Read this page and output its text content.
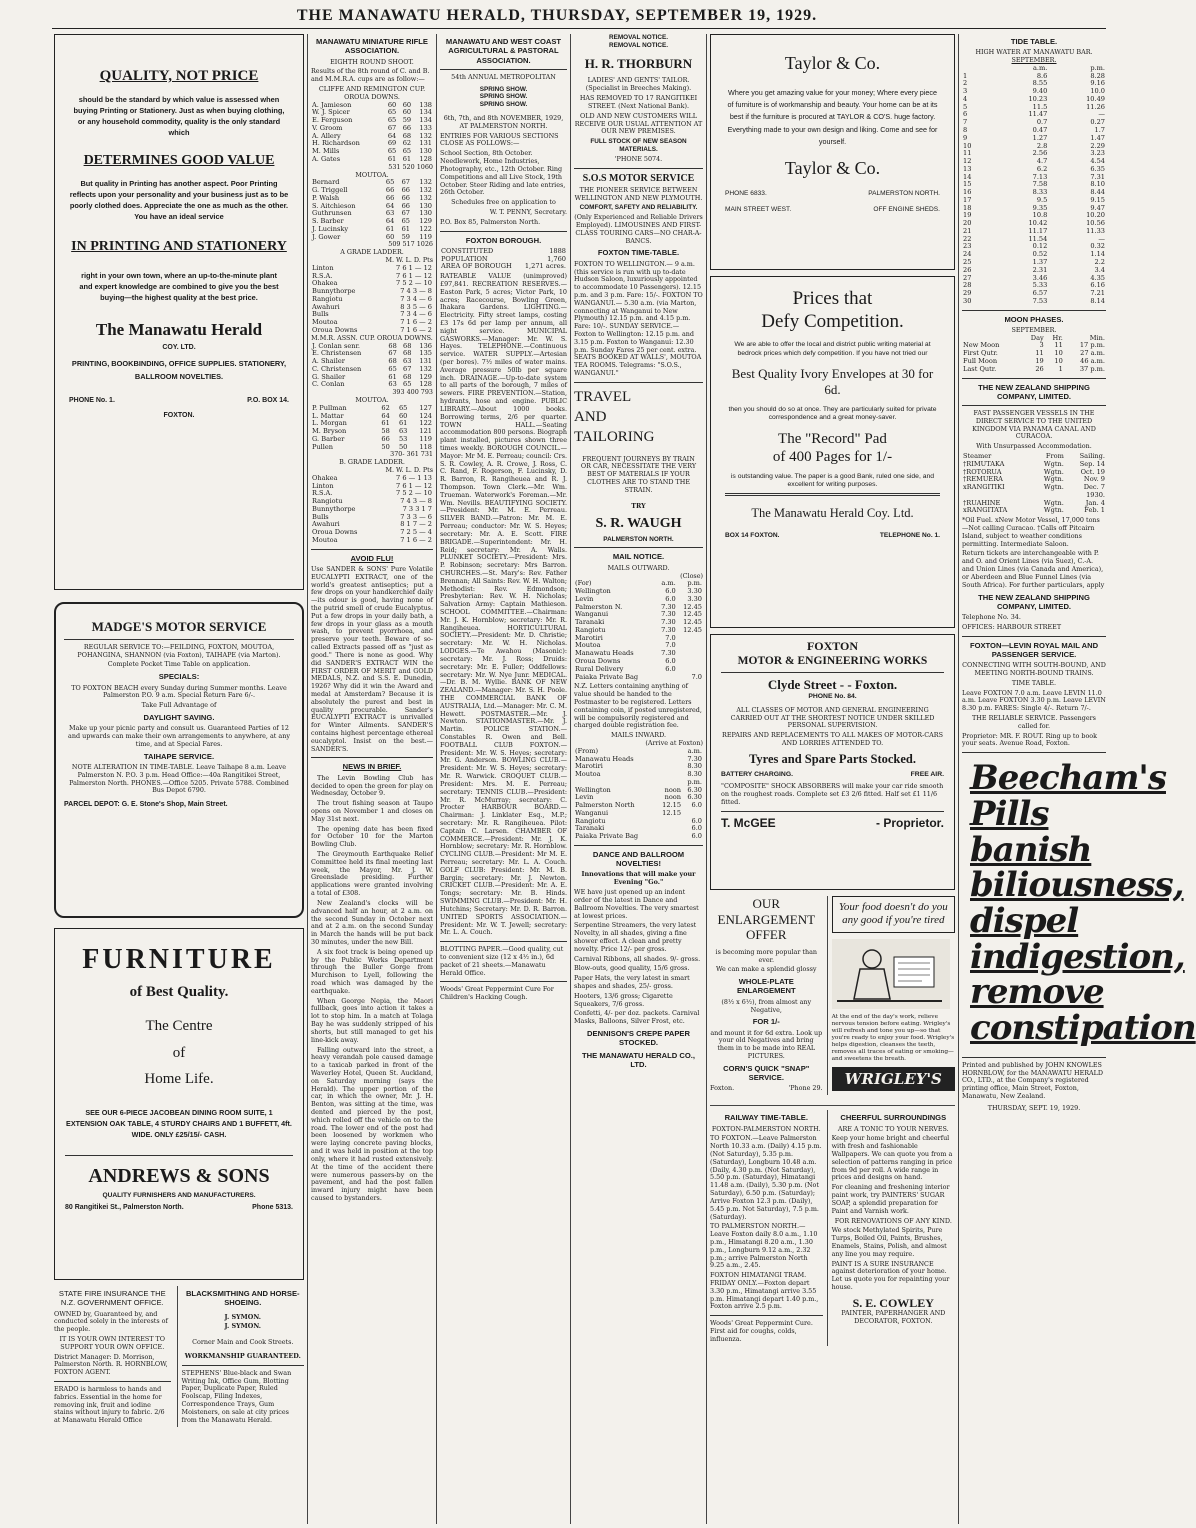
THE MANAWATU HERALD, THURSDAY, SEPTEMBER 19, 1929.
QUALITY, NOT PRICE

should be the standard by which value is assessed when buying Printing or Stationery. Just as when buying clothing, or any household commodity, quality is the only standard which

DETERMINES GOOD VALUE

But quality in Printing has another aspect. Poor Printing reflects upon your personality and your business just as to be poorly clothed does. Appreciate the one as much as the other. You have an ideal service

IN PRINTING AND STATIONERY

right in your own town, where an up-to-the-minute plant and expert knowledge are combined to give you the best buying—the highest quality at the best price.

The Manawatu Herald
COY. LTD.

PRINTING, BOOKBINDING, OFFICE SUPPLIES. STATIONERY, BALLROOM NOVELTIES.

PHONE No. 1.	P.O. BOX 14.
FOXTON.
MADGE'S MOTOR SERVICE

REGULAR SERVICE TO:—FEILDING, FOXTON, MOUTOA, POHANGINA, SHANNON (via Foxton), TAIHAPE (via Marton).

Complete Pocket Time Table on application.

SPECIALS:

TO FOXTON BEACH every Sunday during Summer months. Leave Palmerston P.O. 9 a.m. Special Return Fare 6/-.

Take Full Advantage of

DAYLIGHT SAVING.

Make up your picnic party and consult us. Guaranteed Parties of 12 and upwards can make their own arrangements to anywhere, at any time, and at Special Fares.

TAIHAPE SERVICE.

NOTE ALTERATION IN TIME-TABLE. Leave Taihape 8 a.m. Leave Palmerston N. P.O. 3 p.m. Head Office:—40a Rangitikei Street, Palmerston North. PHONES.—Office 5205. Private 5788. Combined Bus Depot 6790.

PARCEL DEPOT: G. E. Stone's Shop, Main Street.
FURNITURE
of Best Quality.
The Centre
of
Home Life.

SEE OUR 6-PIECE JACOBEAN DINING ROOM SUITE, 1 EXTENSION OAK TABLE, 4 STURDY CHAIRS AND 1 BUFFETT, 4ft. WIDE. ONLY £25/15/- CASH.

ANDREWS & SONS
QUALITY FURNISHERS AND MANUFACTURERS.
80 Rangitikei St., Palmerston North.	Phone 5313.
STATE FIRE INSURANCE THE N.Z. GOVERNMENT OFFICE.

OWNED by, Guaranteed by, and conducted solely in the interests of the people.

IT IS YOUR OWN INTEREST TO SUPPORT YOUR OWN OFFICE.

District Manager: D. Morrison, Palmerston North. R. HORNBLOW, FOXTON AGENT.

ERADO is harmless to hands and fabrics. Essential in the home for removing ink, fruit and iodine stains without injury to fabric. 2/6 at Manawatu Herald Office

BLACKSMITHING AND HORSE-SHOEING.

J. SYMON.

J. SYMON.

Corner Main and Cook Streets.

WORKMANSHIP GUARANTEED.

STEPHENS' Blue-black and Swan Writing Ink, Office Gum, Blotting Paper, Duplicate Paper, Ruled Foolscap, Filing Indexes, Correspondence Trays, Gum Moisteners, on sale at city prices from the Manawatu Herald.

MANAWATU MINIATURE RIFLE ASSOCIATION.
EIGHTH ROUND SHOOT.

Results of the 8th round of C. and B. and M.M.R.A. cups are as follow:—

CLIFFE AND REMINGTON CUP. OROUA DOWNS.
A. Jamieson	60	60	138
W. J. Spicer	65	60	134
E. Ferguson	65	59	134
V. Groom	67	66	133
A. Allery	64	68	132
H. Richardson	69	62	131
M. Mills	65	65	130
A. Gates	61	61	128
531 520 1060
MOUTOA.
Bernard	65	67	132
G. Triggell	66	66	132
P. Walsh	66	66	132
S. Aitchieson	64	66	130
Guthrunsen	63	67	130
S. Barber	64	65	129
J. Lucinsky	61	61	122
J. Gower	60	59	119
509 517 1026
A GRADE LADDER.
M. W. L. D. Pts
Linton	7 6 1 — 12
R.S.A.	7 6 1 — 12
Ohakea	7 5 2 — 10
Bunnythorpe	7 4 3 — 8
Rangiotu	7 3 4 — 6
Awahuri	8 3 5 — 6
Bulls	7 3 4 — 6
Moutoa	7 1 6 — 2
Oroua Downs	7 1 6 — 2
M.M.R. ASSN. CUP. OROUA DOWNS.
J. Conlan senr.	68	68	136
E. Christensen	67	68	135
A. Shailer	68	63	131
C. Christensen	65	67	132
G. Shailer	61	68	129
C. Conlan	63	65	128
393 400 793
MOUTOA.
P. Pullman	62	65	127
L. Mattar	64	60	124
L. Morgan	61	61	122
M. Bryson	58	63	121
G. Barber	66	53	119
Pullen	50	50	118
370- 361 731
B. GRADE LADDER.
M. W. L. D. Pts
Ohakea	7 6 — 1 13
Linton	7 6 1 — 12
R.S.A.	7 5 2 — 10
Rangiotu	7 4 3 — 8
Bunnythorpe	7 3 3 1 7
Bulls	7 3 3 — 6
Awahuri	8 1 7 — 2
Oroua Downs	7 2 5 — 4
Moutoa	7 1 6 — 2
AVOID FLU!

Use SANDER & SONS' Pure Volatile EUCALYPTI EXTRACT, one of the world's greatest antiseptics; put a few drops on your handkerchief daily—its odour is good, having none of the putrid smell of crude Eucalyptus. Put a few drops in your daily bath, a few drops in your glass as a mouth wash, to prevent pyorrhoea, and preserve your teeth. Beware of so-called Extracts passed off as "just as good." There is none as good. Why did SANDER'S EXTRACT WIN the FIRST ORDER OF MERIT and GOLD MEDALS, N.Z. and S.S. E. Dunedin, 1926? Why did it win the Award and medal at Amsterdam? Because it is absolutely the purest and best in quality procurable. Sander's EUCALYPTI EXTRACT is unrivalled for Winter Ailments. SANDER'S contains highest percentage ethereal eucalyptol. Insist on the best.—SANDER'S.

NEWS IN BRIEF.

The Levin Bowling Club has decided to open the green for play on Wednesday, October 9.

The trout fishing season at Taupo opens on November 1 and closes on May 31st next.

The opening date has been fixed for October 10 for the Marton Bowling Club.

The Greymouth Earthquake Relief Committee held its final meeting last week, the Mayor, Mr. J. W. Greenslade presiding. Further applications were granted involving a total of £308.

New Zealand's clocks will be advanced half an hour, at 2 a.m. on the second Sunday in October next and at 2 a.m. on the second Sunday in March the hands will be put back 30 minutes, under the new Bill.

A six foot track is being opened up by the Public Works Department through the Buller Gorge from Murchison to Lyell, following the road which was damaged by the earthquake.

When George Nepia, the Maori fullback, goes into action it takes a lot to stop him. In a match at Tolaga Bay he was suddenly stripped of his shorts, but still managed to get his line-kick away.

Falling outward into the street, a heavy verandah pole caused damage to a taxicab parked in front of the Waverley Hotel, Queen St. Auckland, on Saturday morning (says the Herald). The upper portion of the car, in which the owner, Mr. J. H. Benton, was sitting at the time, was dented and pierced by the post, which rolled off the vehicle on to the road. The lower end of the post had been loosened by workmen who were laying concrete paving blocks, and it was held in position at the top only, where it had rusted extensively. At the time of the accident there were numerous passers-by on the pavement, and had the post fallen inward injury might have been caused to bystanders.

MANAWATU AND WEST COAST AGRICULTURAL & PASTORAL ASSOCIATION.

54th ANNUAL METROPOLITAN

SPRING SHOW.
SPRING SHOW.
SPRING SHOW.

6th, 7th, and 8th NOVEMBER, 1929, AT PALMERSTON NORTH.

ENTRIES FOR VARIOUS SECTIONS CLOSE AS FOLLOWS:—

School Section, 8th October. Needlework, Home Industries, Photography, etc., 12th October. Ring Competitions and all Live Stock, 19th October. Steer Riding and late entries, 26th October.

Schedules free on application to

W. T. PENNY, Secretary.

P.O. Box 85, Palmerston North.

FOXTON BOROUGH.
CONSTITUTED	1888
POPULATION	1,760
AREA OF BOROUGH	1,271 acres.

RATEABLE VALUE (unimproved) £97,841. RECREATION RESERVES.—Easton Park, 5 acres; Victor Park, 10 acres; Racecourse, Bowling Green, Ihakara Gardens. LIGHTING.—Electricity. Fifty street lamps, costing £3 17s 6d per lamp per annum, all night service. MUNICIPAL GASWORKS.—Manager: Mr. W. S. Hayes. TELEPHONE.—Continuous service. WATER SUPPLY.—Artesian (per bores). 7½ miles of water mains. Average pressure 50lb per square inch. DRAINAGE.—Up-to-date system to all parts of the borough, 7 miles of sewers. FIRE PREVENTION.—Station, hydrants, hose and engine. PUBLIC LIBRARY.—About 1000 books. Borrowing terms, 2/6 per quarter. TOWN HALL.—Seating accommodation 800 persons. Biograph plant installed, pictures shown three times weekly. BOROUGH COUNCIL.—Mayor: Mr M. E. Perreau; council: Crs. S. R. Cowley, A. R. Crowe, J. Ross, C. C. Rand, F. Rogerson, F. Lucinsky, D. R. Barron, R. Rangiheuea and R. J. Thompson. Town Clerk.—Mr. Wm. Trueman. Waterwork's Foreman.—Mr. Wm. Nevills. BEAUTIFYING SOCIETY.—President: Mr. M. E. Perreau. SILVER BAND.—Patron: Mr. M. E. Perreau; conductor: Mr. W. S. Heyes; secretary: Mr. A. E. Scott. FIRE BRIGADE.—Superintendent: Mr. H. Reid; secretary: Mr. A. Walls. PLUNKET SOCIETY.—President: Mrs. P. Robinson; secretary: Mrs Barron. CHURCHES.—St. Mary's: Rev. Father Brennan; All Saints: Rev. W. H. Walton; Methodist: Rev. Edmondson; Presbyterian: Rev. W. H. Nicholas; Salvation Army: Captain Mathieson. SCHOOL COMMITTEE.—Chairman: Mr. J. K. Hornblow; secretary: Mr. R. Rangiheuea. HORTICULTURAL SOCIETY.—President: Mr. D. Christie; secretary: Mr. W. H. Nicholas. LODGES.—Te Awahou (Masonic): secretary: Mr. J. Ross; Druids: secretary: Mr. E. Fuller; Oddfellows: secretary: Mr. W. Nye Junr. MEDICAL.—Dr. B. M. Wyllie. BANK OF NEW ZEALAND.—Manager: Mr. S. H. Poole. THE COMMERCIAL BANK OF AUSTRALIA, Ltd.—Manager: Mr. C. M. Hewett. POSTMASTER.—Mr. J. Newton. STATIONMASTER.—Mr. J. Martin. POLICE STATION.—Constables R. Owen and Bell. FOOTBALL CLUB FOXTON.—President: Mr. W. S. Heyes; secretary: Mr. G. Anderson. BOWLING CLUB.—President: Mr. W. S. Heyes; secretary: Mr. R. Warwick. CROQUET CLUB.—President: Mrs. M. E. Perreau; secretary: TENNIS CLUB.—President: Mr. R. McMurray; secretary: C. Procter HARBOUR BOARD.—Chairman: J. Linklater Esq., M.P.; secretary: Mr. R. Rangiheuea. Pilot: Captain C. Larsen. CHAMBER OF COMMERCE.—President: Mr. J. K. Hornblow; secretary: Mr. R. Hornblow. CYCLING CLUB.—President: Mr M. E. Perreau; secretary: Mr. L. A. Couch. GOLF CLUB: President: Mr. M. B. Bargin; secretary: Mr. J. Newton. CRICKET CLUB.—President: Mr. A. E. Tongs; secretary: Mr. B. Hinds. SWIMMING CLUB.—President: Mr. H. Hutchins; Secretary: Mr. D. R. Barron. UNITED SPORTS ASSOCIATION.—President: Mr. W. T. Jewell; secretary: Mr. L. A. Couch.

BLOTTING PAPER.—Good quality, cut to convenient size (12 x 4½ in.), 6d packet of 21 sheets.—Manawatu Herald Office.

Woods' Great Peppermint Cure For Children's Hacking Cough.

REMOVAL NOTICE.
REMOVAL NOTICE.
H. R. THORBURN

LADIES' AND GENTS' TAILOR. (Specialist in Breeches Making).

HAS REMOVED TO 17 RANGITIKEI STREET. (Next National Bank).

OLD AND NEW CUSTOMERS WILL RECEIVE OUR USUAL ATTENTION AT OUR NEW PREMISES.

FULL STOCK OF NEW SEASON MATERIALS.

'PHONE 5074.

S.O.S MOTOR SERVICE

THE PIONEER SERVICE BETWEEN WELLINGTON AND NEW PLYMOUTH.

COMFORT, SAFETY AND RELIABILITY.

(Only Experienced and Reliable Drivers Employed). LIMOUSINES AND FIRST-CLASS TOURING CARS—NO CHAR-A-BANCS.

FOXTON TIME-TABLE.

FOXTON TO WELLINGTON.— 9 a.m. (this service is run with up to-date Hudson Saloon, luxuriously appointed to accommodate 10 Passengers). 12.15 p.m. and 3 p.m. Fare: 15/-. FOXTON TO WANGANUI.— 5.30 a.m. (via Marton, connecting at Wanganui to New Plymouth) 12.15 p.m. and 4.15 p.m. Fare: 10/-. SUNDAY SERVICE.— Foxton to Wellington: 12.15 p.m. and 3.15 p.m. Foxton to Wanganui: 12.30 p.m. Sunday Fares 25 per cent. extra. SEATS BOOKED AT WALLS', MOUTOA TEA ROOMS. Telegrams: "S.O.S., WANGANUI."

TRAVEL
AND
TAILORING

FREQUENT JOURNEYS BY TRAIN OR CAR, NECESSITATE THE VERY BEST OF MATERIALS IF YOUR CLOTHES ARE TO STAND THE STRAIN.

TRY

S. R. WAUGH

PALMERSTON NORTH.

MAIL NOTICE.
MAILS OUTWARD.
(Close)
(For)	a.m.	p.m.
Wellington	6.0	3.30
Levin	6.0	3.30
Palmerston N.	7.30	12.45
Wanganui	7.30	12.45
Taranaki	7.30	12.45
Rangiotu	7.30	12.45
Marotiri	7.0	
Moutoa	7.0	
Manawatu Heads	7.30	
Oroua Downs	6.0	
Rural Delivery	6.0	
Paiaka Private Bag		7.0

N.Z. Letters containing anything of value should be handed to the Postmaster to be registered. Letters containing coin, if posted unregistered, will be compulsorily registered and charged double registration fee.

MAILS INWARD.
(Arrive at Foxton)
(From)		a.m.
Manawatu Heads		7.30
Marotiri		8.30
Moutoa		8.30
		p.m.
Wellington	noon	6.30
Levin	noon	6.30
Palmerston North	12.15	6.0
Wanganui	12.15	
Rangiotu		6.0
Taranaki		6.0
Paiaka Private Bag		6.0
DANCE AND BALLROOM NOVELTIES!

Innovations that will make your Evening "Go."

WE have just opened up an indent order of the latest in Dance and Ballroom Novelties. The very smartest at lowest prices.

Serpentine Streamers, the very latest Novelty, in all shades, giving a fine shower effect. A clean and pretty novelty. Price 12/- per gross.

Carnival Ribbons, all shades. 9/- gross.

Blow-outs, good quality, 15/6 gross.

Paper Hats, the very latest in smart shapes and shades, 25/- gross.

Hooters, 13/6 gross; Cigarette Squeakers, 7/6 gross.

Confetti, 4/- per doz. packets. Carnival Masks, Balloons, Silver Frost, etc.

DENNISON'S CREPE PAPER STOCKED.
THE MANAWATU HERALD CO., LTD.
Taylor & Co.

Where you get amazing value for your money; Where every piece of furniture is of workmanship and beauty. Your home can be at its best if the furniture is procured at TAYLOR & CO'S. huge factory. Everything made to your own design and liking. Come and see for yourself.

Taylor & Co.
PHONE 6833.	PALMERSTON NORTH.
MAIN STREET WEST.	OFF ENGINE SHEDS.
Prices that
Defy Competition.

We are able to offer the local and district public writing material at bedrock prices which defy competition. If you have not tried our

Best Quality Ivory Envelopes at 30 for 6d.

then you should do so at once. They are particularly suited for private correspondence and a great money-saver.

The "Record" Pad
of 400 Pages for 1/-

is outstanding value. The paper is a good Bank, ruled one side, and excellent for writing purposes.

The Manawatu Herald Coy. Ltd.
BOX 14 FOXTON.	TELEPHONE No. 1.
FOXTON
MOTOR & ENGINEERING WORKS
Clyde Street - - Foxton.
PHONE No. 84.

ALL CLASSES OF MOTOR AND GENERAL ENGINEERING CARRIED OUT AT THE SHORTEST NOTICE UNDER SKILLED PERSONAL SUPERVISION.

REPAIRS AND REPLACEMENTS TO ALL MAKES OF MOTOR-CARS AND LORRIES ATTENDED TO.

Tyres and Spare Parts Stocked.
BATTERY CHARGING.	FREE AIR.

"COMPOSITE" SHOCK ABSORBERS will make your car ride smooth on the roughest roads. Complete set £3 2/6 fitted. Half set £1 11/6 fitted.

T. McGEE	- Proprietor.
OUR ENLARGEMENT OFFER

is becoming more popular than ever.

We can make a splendid glossy

WHOLE-PLATE ENLARGEMENT

(8½ x 6½), from almost any Negative,

FOR 1/-

and mount it for 6d extra. Look up your old Negatives and bring them in to be made into REAL PICTURES.

CORN'S QUICK "SNAP" SERVICE.
Foxton.	'Phone 29.
Your food doesn't do you any good if you're tired

At the end of the day's work, relieve nervous tension before eating. Wrigley's will refresh and tone you up—so that you're ready to enjoy your food. Wrigley's helps digestion, cleanses the teeth, removes all traces of eating or smoking—and sweetens the breath.

WRIGLEY'S
RAILWAY TIME-TABLE.
FOXTON-PALMERSTON NORTH.

TO FOXTON.—Leave Palmerston North 10.33 a.m. (Daily) 4.15 p.m. (Not Saturday), 5.35 p.m. (Saturday), Longburn 10.48 a.m. (Daily, 4.30 p.m. (Not Saturday), 5.50 p.m. (Saturday), Himatangi 11.48 a.m. (Daily), 5.30 p.m. (Not Saturday), 6.50 p.m. (Saturday); Arrive Foxton 12.3 p.m. (Daily), 5.45 p.m. Not Saturday), 7.5 p.m. (Saturday).

TO PALMERSTON NORTH.—Leave Foxton daily 8.0 a.m., 1.10 p.m., Himatangi 8.20 a.m., 1.30 p.m., Longburn 9.12 a.m., 2.32 p.m.; arrive Palmerston North 9.25 a.m., 2.45.

FOXTON HIMATANGI TRAM. FRIDAY ONLY.—Foxton depart 3.30 p.m., Himatangi arrive 3.55 p.m. Himatangi depart 1.40 p.m., Foxton arrive 2.5 p.m.

Woods' Great Peppermint Cure. First aid for coughs, colds, influenza.

CHEERFUL SURROUNDINGS
ARE A TONIC TO YOUR NERVES.

Keep your home bright and cheerful with fresh and fashionable Wallpapers. We can quote you from a selection of patterns ranging in price from 9d per roll. A wide range in prices and designs on hand.

For cleaning and freshening interior paint work, try PAINTERS' SUGAR SOAP, a splendid preparation for Paint and Varnish work.

FOR RENOVATIONS OF ANY KIND.

We stock Methylated Spirits, Pure Turps, Boiled Oil, Paints, Brushes, Enamels, Stains, Polish, and almost any line you may require.

PAINT IS A SURE INSURANCE against deterioration of your home. Let us quote you for repainting your house.

S. E. COWLEY
PAINTER, PAPERHANGER AND DECORATOR, FOXTON.
TIDE TABLE.
HIGH WATER AT MANAWATU BAR.
SEPTEMBER.
	a.m.	p.m.
1	8.6	8.28
2	8.55	9.16
3	9.40	10.0
4	10.23	10.49
5	11.5	11.26
6	11.47	—
7	0.7	0.27
8	0.47	1.7
9	1.27	1.47
10	2.8	2.29
11	2.56	3.23
12	4.7	4.54
13	6.2	6.35
14	7.13	7.31
15	7.58	8.10
16	8.33	8.44
17	9.5	9.15
18	9.35	9.47
19	10.8	10.20
20	10.42	10.56
21	11.17	11.33
22	11.54	—
23	0.12	0.32
24	0.52	1.14
25	1.37	2.2
26	2.31	3.4
27	3.46	4.35
28	5.33	6.16
29	6.57	7.21
30	7.53	8.14
MOON PHASES.
SEPTEMBER.
	Day	Hr.	Min.
New Moon	3	11	17 p.m.
First Qutr.	11	10	27 a.m.
Full Moon	19	10	46 a.m.
Last Qutr.	26	1	37 p.m.
THE NEW ZEALAND SHIPPING COMPANY, LIMITED.

FAST PASSENGER VESSELS IN THE DIRECT SERVICE TO THE UNITED KINGDOM VIA PANAMA CANAL AND CURACOA.

With Unsurpassed Accommodation.

Steamer	From	Sailing.
†RIMUTAKA	Wgtn.	Sep. 14
†ROTORUA	Wgtn.	Oct. 19
†REMUERA	Wgtn.	Nov. 9
xRANGITIKI	Wgtn.	Dec. 7
		1930.
†RUAHINE	Wgtn.	Jan. 4
xRANGITATA	Wgtn.	Feb. 1

*Oil Fuel. xNew Motor Vessel, 17,000 tons —Not calling Curacao. †Calls off Pitcairn Island, subject to weather conditions permitting. Intermediate Saloon.

Return tickets are interchangeable with P. and O. and Orient Lines (via Suez), C.-A. and Union Lines (via Canada and America), or Aberdeen and Blue Funnel Lines (via South Africa). For further particulars, apply

THE NEW ZEALAND SHIPPING COMPANY, LIMITED.

Telephone No. 34.

OFFICES: HARBOUR STREET

FOXTON—LEVIN ROYAL MAIL AND PASSENGER SERVICE.

CONNECTING WITH SOUTH-BOUND, AND MEETING NORTH-BOUND TRAINS.

TIME TABLE.

Leave FOXTON 7.0 a.m. Leave LEVIN 11.0 a.m. Leave FOXTON 3.30 p.m. Leave LEVIN 8.30 p.m. FARES: Single 4/-. Return 7/-.

THE RELIABLE SERVICE. Passengers called for.

Proprietor: MR. F. ROUT. Ring up to book your seats. Avenue Road, Foxton.

Beecham's
Pills
banish
biliousness,
dispel
indigestion,
remove
constipation

Printed and published by JOHN KNOWLES HORNBLOW, for the MANAWATU HERALD CO., LTD., at the Company's registered printing office, Main Street, Foxton, Manawatu, New Zealand.

THURSDAY, SEPT. 19, 1929.
